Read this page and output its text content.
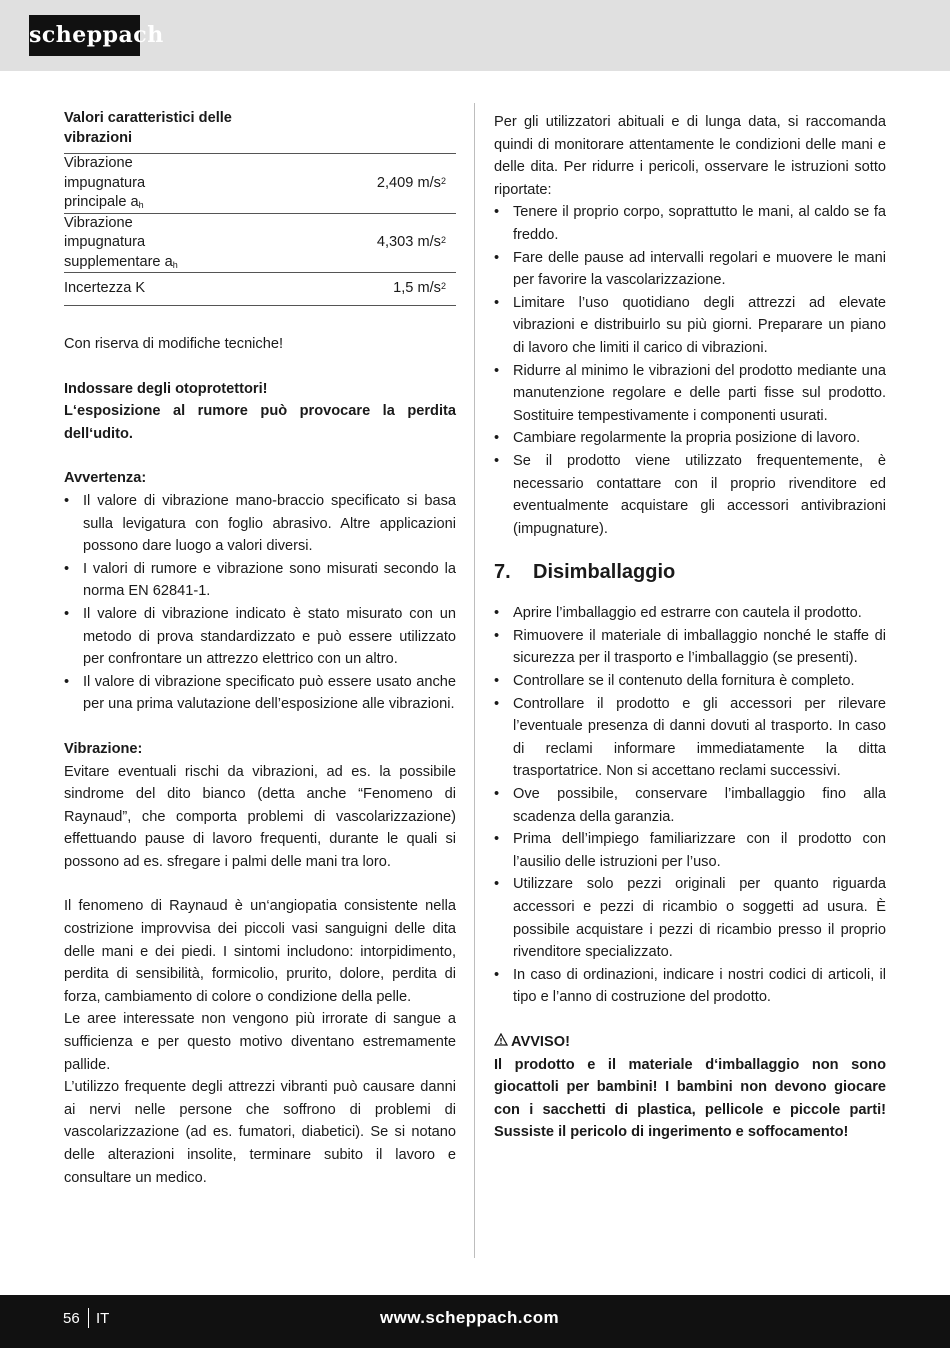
scheppach
Valori caratteristici delle vibrazioni	
Vibrazione impugnatura principale $a_h$	2,409 $m/s^2$
Vibrazione impugnatura supplementare $a_h$	4,303 $m/s^2$
Incertezza K	1,5 $m/s^2$

Con riserva di modifiche tecniche!

Indossare degli otoprotettori!

L‘esposizione al rumore può provocare la perdita dell‘udito.

Avvertenza:

• Il valore di vibrazione mano-braccio specificato si basa sulla levigatura con foglio abrasivo. Altre applicazioni possono dare luogo a valori diversi.
• I valori di rumore e vibrazione sono misurati secondo la norma EN 62841-1.
• Il valore di vibrazione indicato è stato misurato con un metodo di prova standardizzato e può essere utilizzato per confrontare un attrezzo elettrico con un altro.
• Il valore di vibrazione specificato può essere usato anche per una prima valutazione dell’esposizione alle vibrazioni.

Vibrazione:

Evitare eventuali rischi da vibrazioni, ad es. la possibile sindrome del dito bianco (detta anche “Fenomeno di Raynaud”, che comporta problemi di vascolarizzazione) effettuando pause di lavoro frequenti, durante le quali si possono ad es. sfregare i palmi delle mani tra loro.

Il fenomeno di Raynaud è un‘angiopatia consistente nella costrizione improvvisa dei piccoli vasi sanguigni delle dita delle mani e dei piedi. I sintomi includono: intorpidimento, perdita di sensibilità, formicolio, prurito, dolore, perdita di forza, cambiamento di colore o condizione della pelle.

Le aree interessate non vengono più irrorate di sangue a sufficienza e per questo motivo diventano estremamente pallide.

L’utilizzo frequente degli attrezzi vibranti può causare danni ai nervi nelle persone che soffrono di problemi di vascolarizzazione (ad es. fumatori, diabetici). Se si notano delle alterazioni insolite, terminare subito il lavoro e consultare un medico.

Per gli utilizzatori abituali e di lunga data, si raccomanda quindi di monitorare attentamente le condizioni delle mani e delle dita. Per ridurre i pericoli, osservare le istruzioni sotto riportate:

• Tenere il proprio corpo, soprattutto le mani, al caldo se fa freddo.
• Fare delle pause ad intervalli regolari e muovere le mani per favorire la vascolarizzazione.
• Limitare l’uso quotidiano degli attrezzi ad elevate vibrazioni e distribuirlo su più giorni. Preparare un piano di lavoro che limiti il carico di vibrazioni.
• Ridurre al minimo le vibrazioni del prodotto mediante una manutenzione regolare e delle parti fisse sul prodotto. Sostituire tempestivamente i componenti usurati.
• Cambiare regolarmente la propria posizione di lavoro.
• Se il prodotto viene utilizzato frequentemente, è necessario contattare con il proprio rivenditore ed eventualmente acquistare gli accessori antivibrazioni (impugnature).
7. Disimballaggio
• Aprire l’imballaggio ed estrarre con cautela il prodotto.
• Rimuovere il materiale di imballaggio nonché le staffe di sicurezza per il trasporto e l’imballaggio (se presenti).
• Controllare se il contenuto della fornitura è completo.
• Controllare il prodotto e gli accessori per rilevare l’eventuale presenza di danni dovuti al trasporto. In caso di reclami informare immediatamente la ditta trasportatrice. Non si accettano reclami successivi.
• Ove possibile, conservare l’imballaggio fino alla scadenza della garanzia.
• Prima dell’impiego familiarizzare con il prodotto con l’ausilio delle istruzioni per l’uso.
• Utilizzare solo pezzi originali per quanto riguarda accessori e pezzi di ricambio o soggetti ad usura. È possibile acquistare i pezzi di ricambio presso il proprio rivenditore specializzato.
• In caso di ordinazioni, indicare i nostri codici di articoli, il tipo e l’anno di costruzione del prodotto.

AVVISO!

Il prodotto e il materiale d‘imballaggio non sono giocattoli per bambini! I bambini non devono giocare con i sacchetti di plastica, pellicole e piccole parti! Sussiste il pericolo di ingerimento e soffocamento!

56 IT	www.scheppach.com
